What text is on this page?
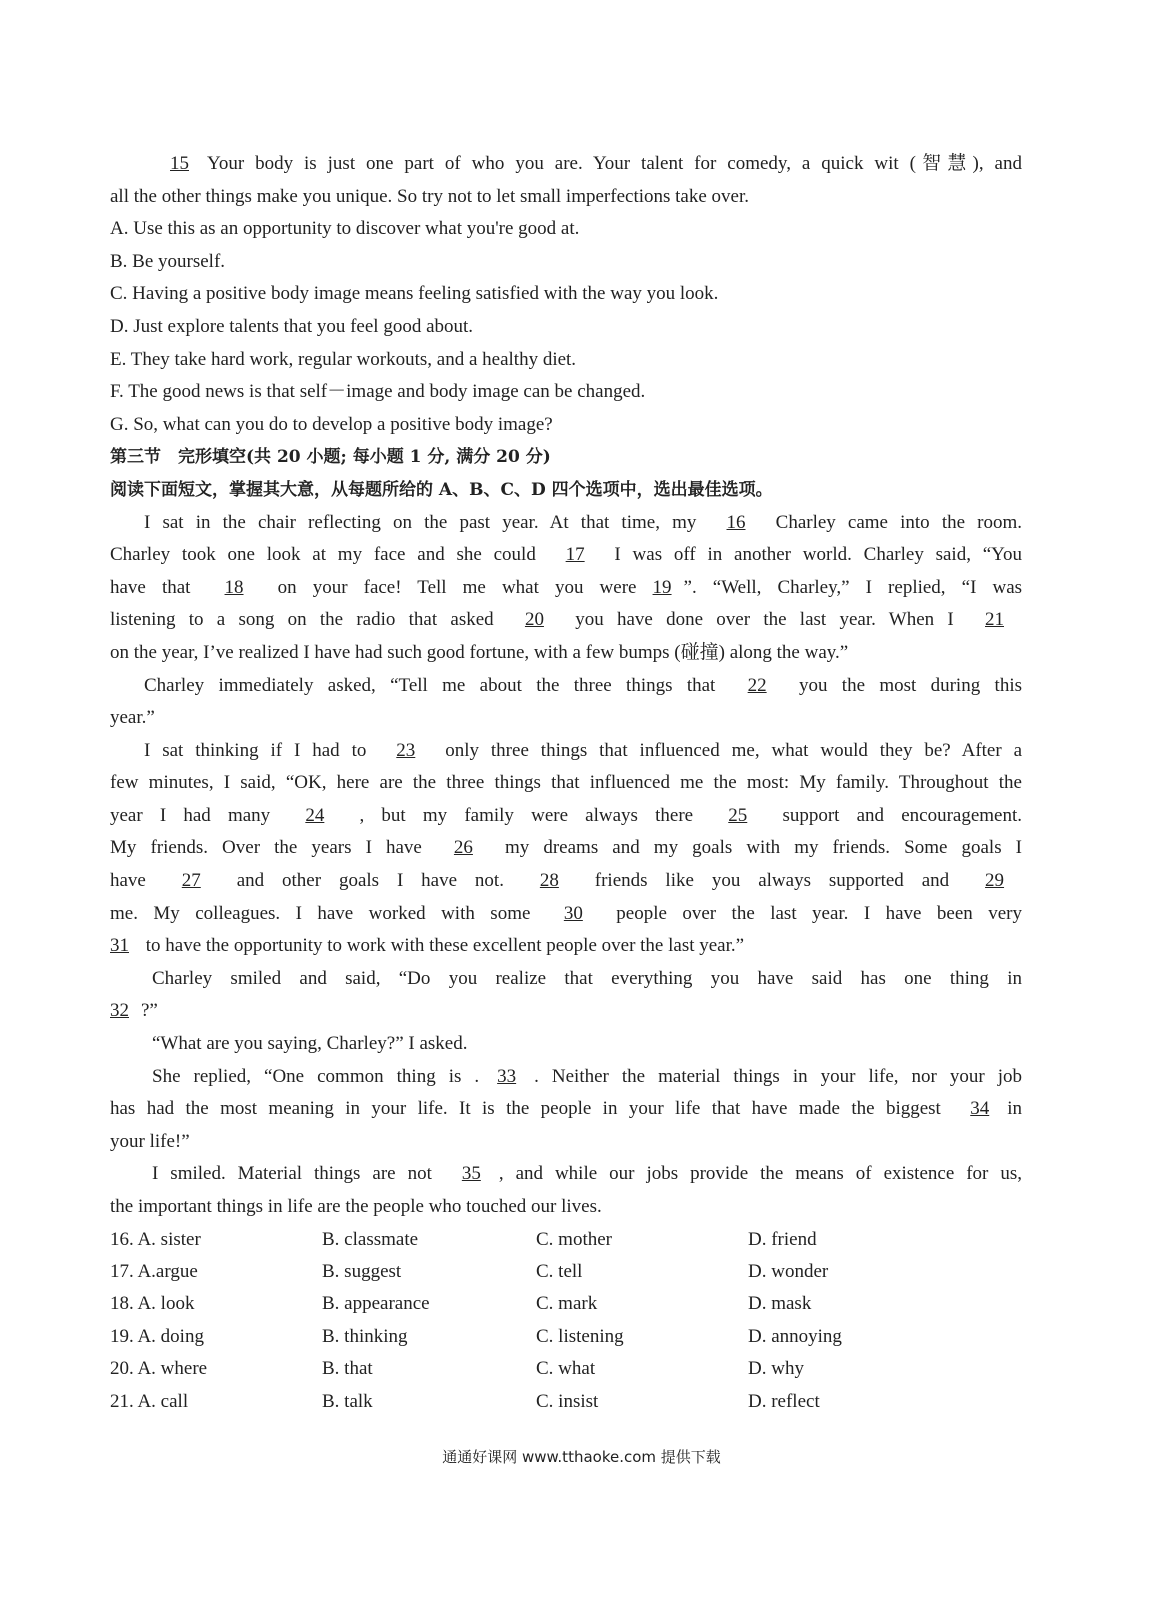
15 Your body is just one part of who you are. Your talent for comedy, a quick wit (智慧), and
all the other things make you unique. So try not to let small imperfections take over.
A. Use this as an opportunity to discover what you're good at.
B. Be yourself.
C. Having a positive body image means feeling satisfied with the way you look.
D. Just explore talents that you feel good about.
E. They take hard work, regular workouts, and a healthy diet.
F. The good news is that self－image and body image can be changed.
G. So, what can you do to develop a positive body image?
第三节　完形填空(共 20 小题; 每小题 1 分, 满分 20 分)
阅读下面短文，掌握其大意，从每题所给的 A、B、C、D 四个选项中，选出最佳选项。
I sat in the chair reflecting on the past year. At that time, my 16 Charley came into the room.
Charley took one look at my face and she could 17 I was off in another world. Charley said, “You
have that 18 on your face! Tell me what you were 19 ”. “Well, Charley,” I replied, “I was
listening to a song on the radio that asked 20 you have done over the last year. When I 21
on the year, I’ve realized I have had such good fortune, with a few bumps (碰撞) along the way.”
Charley immediately asked, “Tell me about the three things that 22 you the most during this
year.”
I sat thinking if I had to 23 only three things that influenced me, what would they be? After a
few minutes, I said, “OK, here are the three things that influenced me the most: My family. Throughout the
year I had many 24 , but my family were always there 25 support and encouragement.
My friends. Over the years I have 26 my dreams and my goals with my friends. Some goals I
have 27 and other goals I have not. 28 friends like you always supported and 29
me. My colleagues. I have worked with some 30 people over the last year. I have been very
31 to have the opportunity to work with these excellent people over the last year.”
Charley smiled and said, “Do you realize that everything you have said has one thing in
32 ?”
“What are you saying, Charley?” I asked.
She replied, “One common thing is . 33 . Neither the material things in your life, nor your job
has had the most meaning in your life. It is the people in your life that have made the biggest 34 in
your life!”
I smiled. Material things are not 35 , and while our jobs provide the means of existence for us,
the important things in life are the people who touched our lives.
16. A. sister	B. classmate	C. mother	D. friend
17. A.argue	B. suggest	C. tell	D. wonder
18. A. look	B. appearance	C. mark	D. mask
19. A. doing	B. thinking	C. listening	D. annoying
20. A. where	B. that	C. what	D. why
21. A. call	B. talk	C. insist	D. reflect
通通好课网 www.tthaoke.com 提供下载
